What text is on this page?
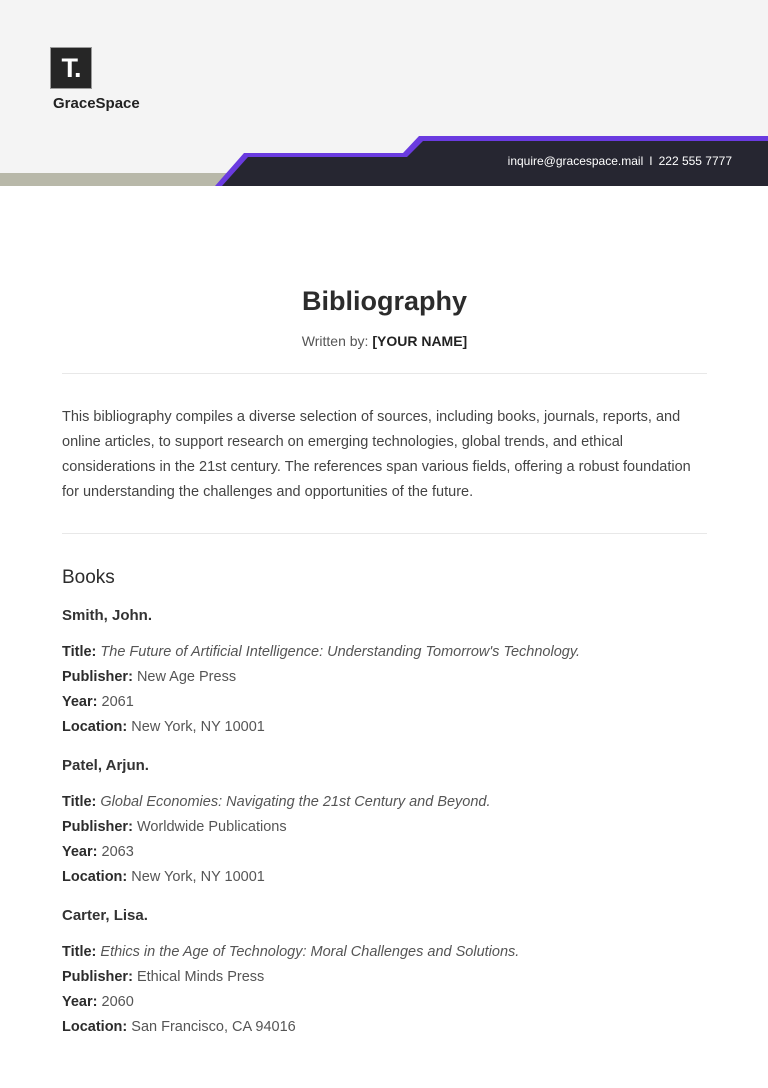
T.
GraceSpace
inquire@gracespace.mail I 222 555 7777
Bibliography
Written by: [YOUR NAME]

This bibliography compiles a diverse selection of sources, including books, journals, reports, and online articles, to support research on emerging technologies, global trends, and ethical considerations in the 21st century. The references span various fields, offering a robust foundation for understanding the challenges and opportunities of the future.

Books
Smith, John.
Title: The Future of Artificial Intelligence: Understanding Tomorrow's Technology.
Publisher: New Age Press
Year: 2061
Location: New York, NY 10001
Patel, Arjun.
Title: Global Economies: Navigating the 21st Century and Beyond.
Publisher: Worldwide Publications
Year: 2063
Location: New York, NY 10001
Carter, Lisa.
Title: Ethics in the Age of Technology: Moral Challenges and Solutions.
Publisher: Ethical Minds Press
Year: 2060
Location: San Francisco, CA 94016
